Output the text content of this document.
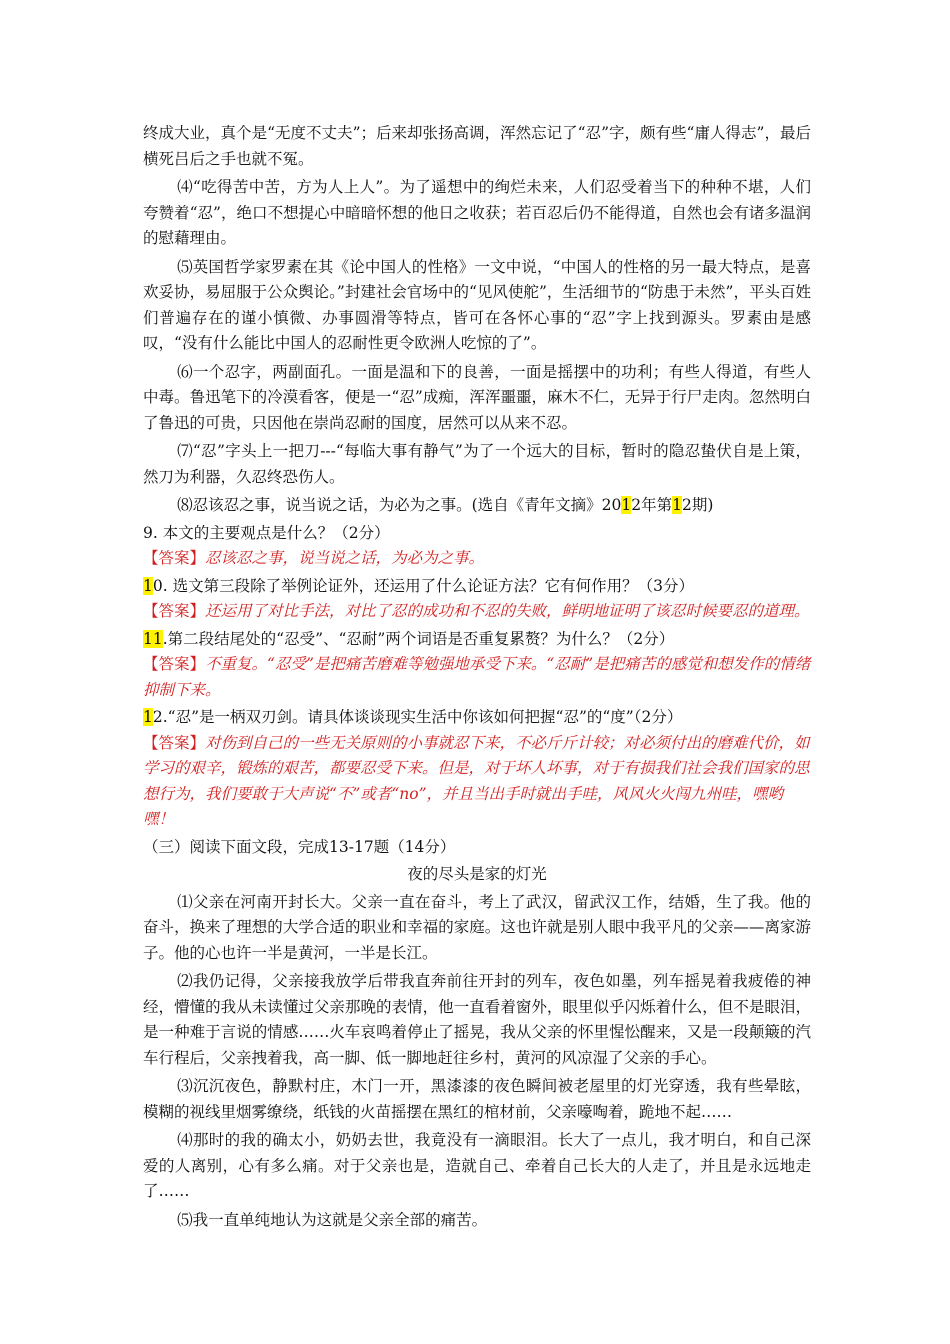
终成大业，真个是“无度不丈夫”；后来却张扬高调，浑然忘记了“忍”字，颇有些“庸人得志”，最后横死吕后之手也就不冤。

⑷“吃得苦中苦，方为人上人”。为了遥想中的绚烂未来，人们忍受着当下的种种不堪，人们夸赞着“忍”，绝口不想提心中暗暗怀想的他日之收获；若百忍后仍不能得道，自然也会有诸多温润的慰藉理由。

⑸英国哲学家罗素在其《论中国人的性格》一文中说，“中国人的性格的另一最大特点，是喜欢妥协，易屈服于公众舆论。”封建社会官场中的“见风使舵”，生活细节的“防患于未然”，平头百姓们普遍存在的谨小慎微、办事圆滑等特点，皆可在各怀心事的“忍”字上找到源头。罗素由是感叹，“没有什么能比中国人的忍耐性更令欧洲人吃惊的了”。

⑹一个忍字，两副面孔。一面是温和下的良善，一面是摇摆中的功利；有些人得道，有些人中毒。鲁迅笔下的冷漠看客，便是一“忍”成痴，浑浑噩噩，麻木不仁，无异于行尸走肉。忽然明白了鲁迅的可贵，只因他在崇尚忍耐的国度，居然可以从来不忍。

⑺“忍”字头上一把刀---“每临大事有静气”为了一个远大的目标，暂时的隐忍蛰伏自是上策，然刀为利器，久忍终恐伤人。

⑻忍该忍之事，说当说之话，为必为之事。(选自《青年文摘》2012年第12期)

9. 本文的主要观点是什么？（2分）

【答案】忍该忍之事，说当说之话，为必为之事。

10. 选文第三段除了举例论证外，还运用了什么论证方法？它有何作用？（3分）

【答案】还运用了对比手法，对比了忍的成功和不忍的失败，鲜明地证明了该忍时候要忍的道理。

11.第二段结尾处的“忍受”、“忍耐”两个词语是否重复累赘？为什么？（2分）

【答案】不重复。“忍受”是把痛苦磨难等勉强地承受下来。“忍耐”是把痛苦的感觉和想发作的情绪抑制下来。

12.“忍”是一柄双刃剑。请具体谈谈现实生活中你该如何把握“忍”的“度”（2分）

【答案】对伤到自己的一些无关原则的小事就忍下来，不必斤斤计较；对必须付出的磨难代价，如学习的艰辛，锻炼的艰苦，都要忍受下来。但是，对于坏人坏事，对于有损我们社会我们国家的思想行为，我们要敢于大声说“不”或者“no”，并且当出手时就出手哇，风风火火闯九州哇，嘿哟嘿！

（三）阅读下面文段，完成13-17题（14分）

夜的尽头是家的灯光

⑴父亲在河南开封长大。父亲一直在奋斗，考上了武汉，留武汉工作，结婚，生了我。他的奋斗，换来了理想的大学合适的职业和幸福的家庭。这也许就是别人眼中我平凡的父亲——离家游子。他的心也许一半是黄河，一半是长江。

⑵我仍记得，父亲接我放学后带我直奔前往开封的列车，夜色如墨，列车摇晃着我疲倦的神经，懵懂的我从未读懂过父亲那晚的表情，他一直看着窗外，眼里似乎闪烁着什么，但不是眼泪，是一种难于言说的情感……火车哀鸣着停止了摇晃，我从父亲的怀里惺忪醒来，又是一段颠簸的汽车行程后，父亲拽着我，高一脚、低一脚地赶往乡村，黄河的风凉湿了父亲的手心。

⑶沉沉夜色，静默村庄，木门一开，黑漆漆的夜色瞬间被老屋里的灯光穿透，我有些晕眩，模糊的视线里烟雾缭绕，纸钱的火苗摇摆在黑红的棺材前，父亲嚎啕着，跪地不起……

⑷那时的我的确太小，奶奶去世，我竟没有一滴眼泪。长大了一点儿，我才明白，和自己深爱的人离别，心有多么痛。对于父亲也是，造就自己、牵着自己长大的人走了，并且是永远地走了……

⑸我一直单纯地认为这就是父亲全部的痛苦。
